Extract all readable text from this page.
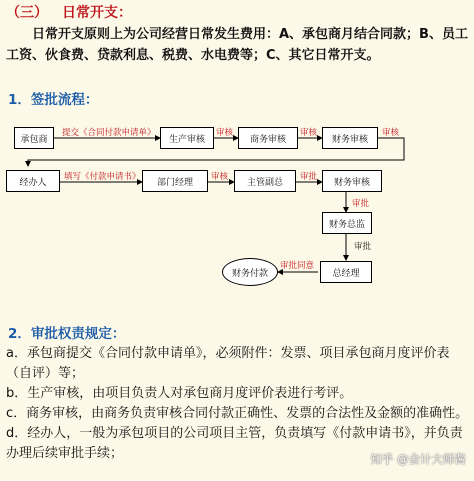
（三） 日常开支：
日常开支原则上为公司经营日常发生费用：A、承包商月结合同款；B、员工工资、伙食费、贷款利息、税费、水电费等；C、其它日常开支。
1．签批流程：
承包商	生产审核	商务审核	财务审核
经办人	部门经理	主管副总	财务审核
财务总监
总经理
财务付款
提交《合同付款申请单》	审核	审核	审核
填写《付款申请书》	审核	审批
审批
审批
审批同意
2．审批权责规定：

a．承包商提交《合同付款申请单》，必须附件：发票、项目承包商月度评价表（自评）等；

b．生产审核，由项目负责人对承包商月度评价表进行考评。

c．商务审核，由商务负责审核合同付款正确性、发票的合法性及金额的准确性。

d．经办人，一般为承包项目的公司项目主管，负责填写《付款申请书》，并负责办理后续审批手续；	知乎 @会计大师酱
